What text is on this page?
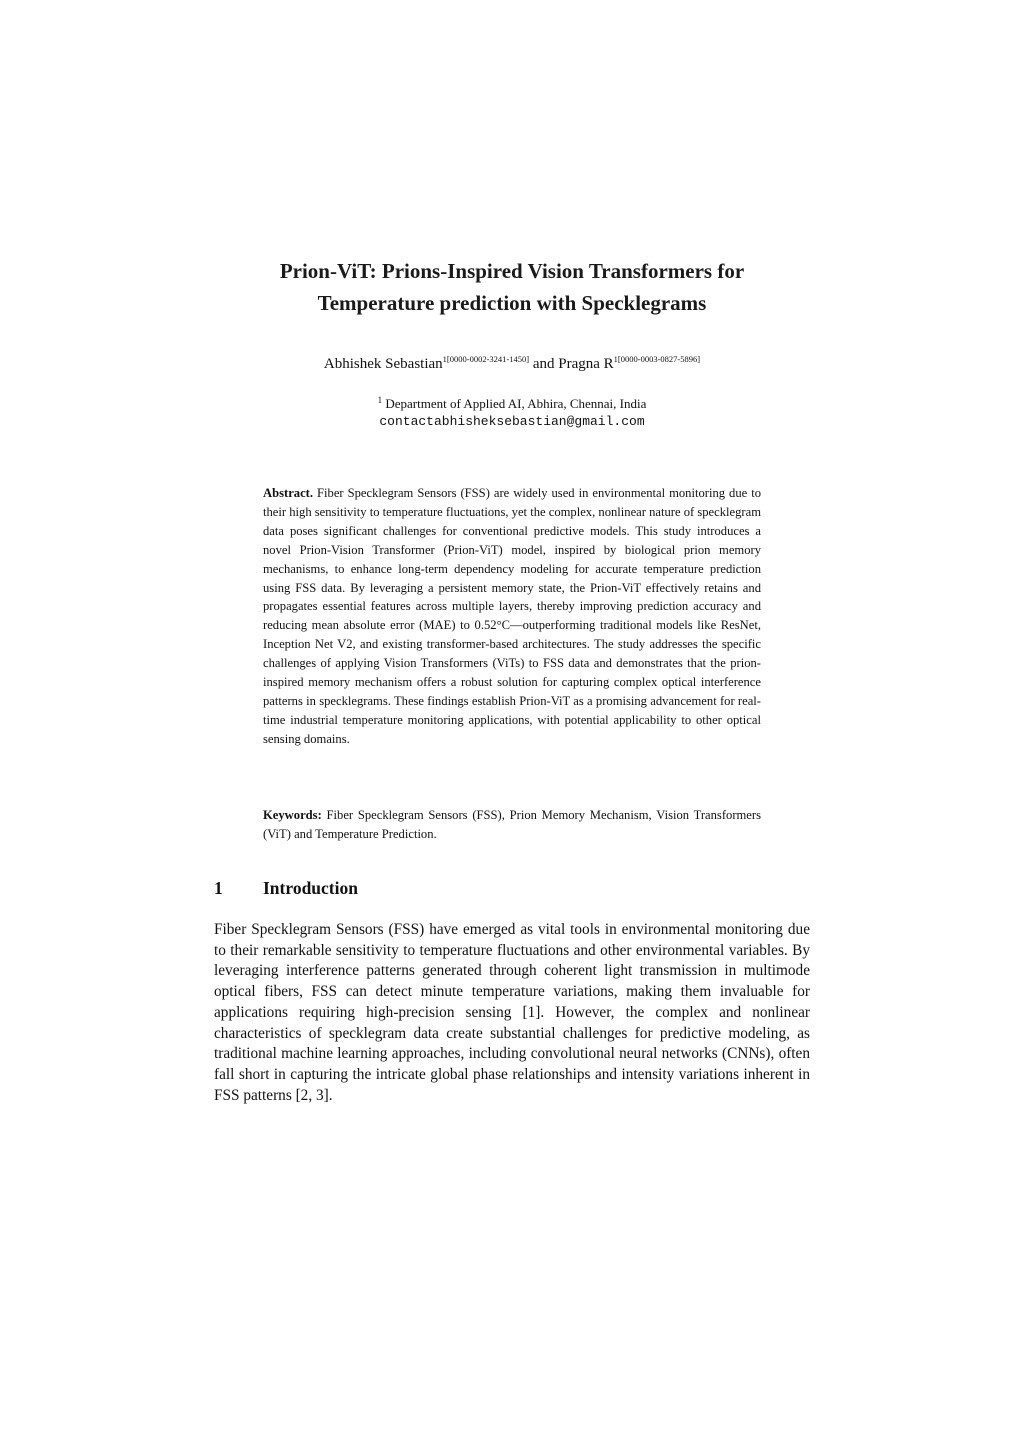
Prion-ViT: Prions-Inspired Vision Transformers for
Temperature prediction with Specklegrams
Abhishek Sebastian$^{1[0000-0002-3241-1450]}$ and Pragna $R^{1[0000-0003-0827-5896]}$
$^1$ Department of Applied AI, Abhira, Chennai, India
contactabhisheksebastian@gmail.com
Abstract. Fiber Specklegram Sensors (FSS) are widely used in environmental monitoring due to their high sensitivity to temperature fluctuations, yet the complex, nonlinear nature of specklegram data poses significant challenges for conventional predictive models. This study introduces a novel Prion-Vision Transformer (Prion-ViT) model, inspired by biological prion memory mechanisms, to enhance long-term dependency modeling for accurate temperature prediction using FSS data. By leveraging a persistent memory state, the Prion-ViT effectively retains and propagates essential features across multiple layers, thereby improving prediction accuracy and reducing mean absolute error (MAE) to 0.52°C—outperforming traditional models like ResNet, Inception Net V2, and existing transformer-based architectures. The study addresses the specific challenges of applying Vision Transformers (ViTs) to FSS data and demonstrates that the prion-inspired memory mechanism offers a robust solution for capturing complex optical interference patterns in specklegrams. These findings establish Prion-ViT as a promising advancement for real-time industrial temperature monitoring applications, with potential applicability to other optical sensing domains.
Keywords: Fiber Specklegram Sensors (FSS), Prion Memory Mechanism, Vision Transformers (ViT) and Temperature Prediction.
1 Introduction
Fiber Specklegram Sensors (FSS) have emerged as vital tools in environmental monitoring due to their remarkable sensitivity to temperature fluctuations and other environmental variables. By leveraging interference patterns generated through coherent light transmission in multimode optical fibers, FSS can detect minute temperature variations, making them invaluable for applications requiring high-precision sensing [1]. However, the complex and nonlinear characteristics of specklegram data create substantial challenges for predictive modeling, as traditional machine learning approaches, including convolutional neural networks (CNNs), often fall short in capturing the intricate global phase relationships and intensity variations inherent in FSS patterns [2, 3].
